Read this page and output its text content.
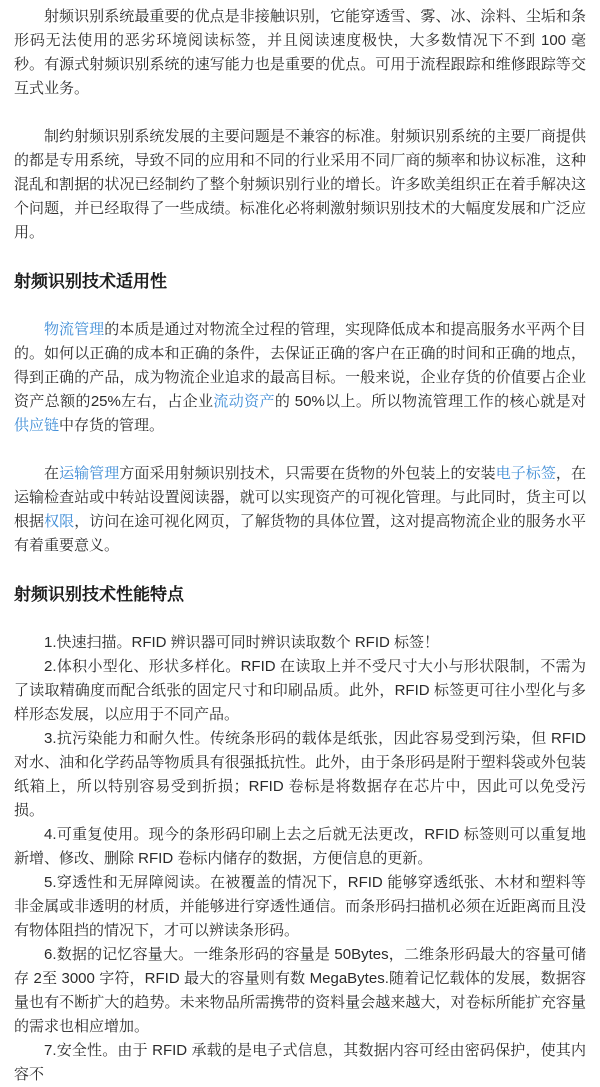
射频识别系统最重要的优点是非接触识别，它能穿透雪、雾、冰、涂料、尘垢和条形码无法使用的恶劣环境阅读标签，并且阅读速度极快，大多数情况下不到 100 毫秒。有源式射频识别系统的速写能力也是重要的优点。可用于流程跟踪和维修跟踪等交互式业务。

制约射频识别系统发展的主要问题是不兼容的标准。射频识别系统的主要厂商提供的都是专用系统，导致不同的应用和不同的行业采用不同厂商的频率和协议标准，这种混乱和割据的状况已经制约了整个射频识别行业的增长。许多欧美组织正在着手解决这个问题，并已经取得了一些成绩。标准化必将刺激射频识别技术的大幅度发展和广泛应用。

射频识别技术适用性

物流管理的本质是通过对物流全过程的管理，实现降低成本和提高服务水平两个目的。如何以正确的成本和正确的条件，去保证正确的客户在正确的时间和正确的地点，得到正确的产品，成为物流企业追求的最高目标。一般来说，企业存货的价值要占企业资产总额的25%左右，占企业流动资产的 50%以上。所以物流管理工作的核心就是对供应链中存货的管理。

在运输管理方面采用射频识别技术，只需要在货物的外包装上的安装电子标签，在运输检查站或中转站设置阅读器，就可以实现资产的可视化管理。与此同时，货主可以根据权限，访问在途可视化网页，了解货物的具体位置，这对提高物流企业的服务水平有着重要意义。

射频识别技术性能特点

1.快速扫描。RFID 辨识器可同时辨识读取数个 RFID 标签！

2.体积小型化、形状多样化。RFID 在读取上并不受尺寸大小与形状限制，不需为了读取精确度而配合纸张的固定尺寸和印刷品质。此外，RFID 标签更可往小型化与多样形态发展，以应用于不同产品。

3.抗污染能力和耐久性。传统条形码的载体是纸张，因此容易受到污染，但 RFID 对水、油和化学药品等物质具有很强抵抗性。此外，由于条形码是附于塑料袋或外包装纸箱上，所以特别容易受到折损；RFID 卷标是将数据存在芯片中，因此可以免受污损。

4.可重复使用。现今的条形码印刷上去之后就无法更改，RFID 标签则可以重复地新增、修改、删除 RFID 卷标内储存的数据，方便信息的更新。

5.穿透性和无屏障阅读。在被覆盖的情况下，RFID 能够穿透纸张、木材和塑料等非金属或非透明的材质，并能够进行穿透性通信。而条形码扫描机必须在近距离而且没有物体阻挡的情况下，才可以辨读条形码。

6.数据的记忆容量大。一维条形码的容量是 50Bytes，二维条形码最大的容量可储存 2至 3000 字符，RFID 最大的容量则有数 MegaBytes.随着记忆载体的发展，数据容量也有不断扩大的趋势。未来物品所需携带的资料量会越来越大，对卷标所能扩充容量的需求也相应增加。

7.安全性。由于 RFID 承载的是电子式信息，其数据内容可经由密码保护，使其内容不
